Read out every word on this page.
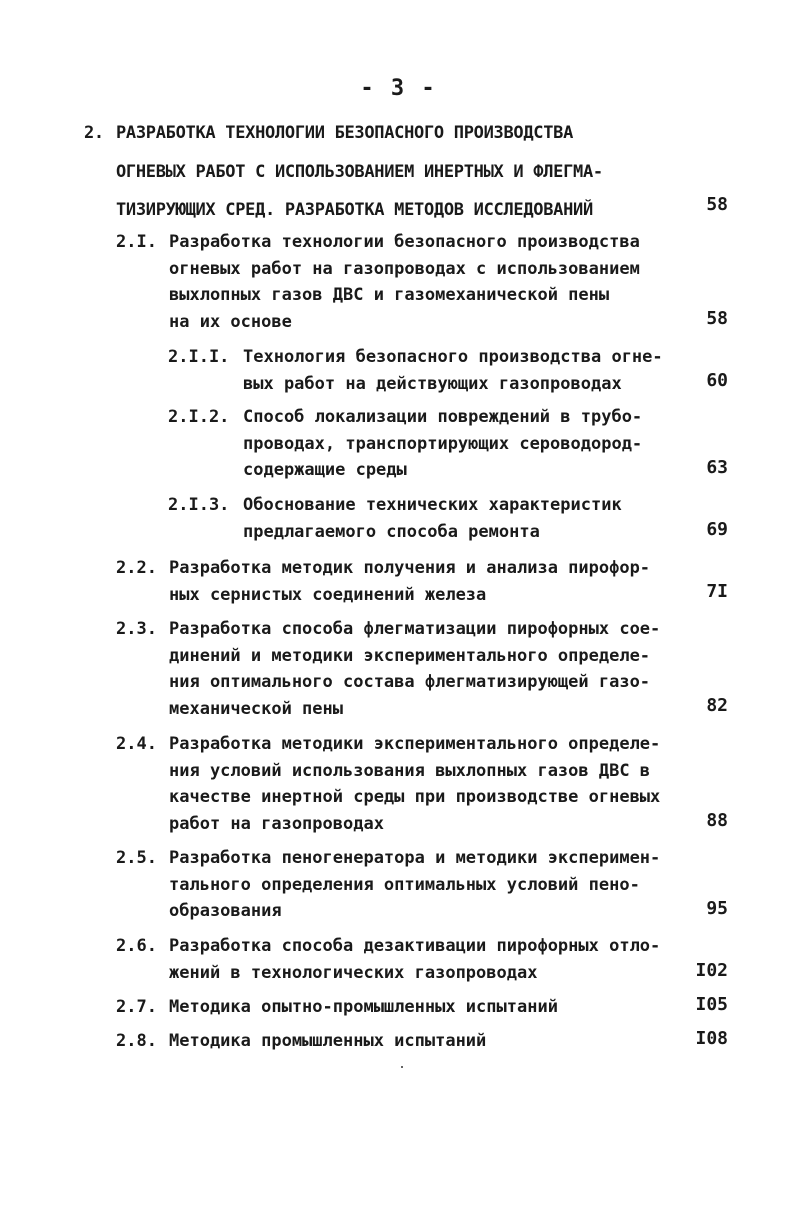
- 3 -
2. РАЗРАБОТКА ТЕХНОЛОГИИ БЕЗОПАСНОГО ПРОИЗВОДСТВА
ОГНЕВЫХ РАБОТ С ИСПОЛЬЗОВАНИЕМ ИНЕРТНЫХ И ФЛЕГМА-
ТИЗИРУЮЩИХ СРЕД. РАЗРАБОТКА МЕТОДОВ ИССЛЕДОВАНИЙ	58
2.I. Разработка технологии безопасного производства
огневых работ на газопроводах с использованием
выхлопных газов ДВС и газомеханической пены
на их основе	58
2.I.I. Технология безопасного производства огне-
вых работ на действующих газопроводах	60
2.I.2. Способ локализации повреждений в трубо-
проводах, транспортирующих сероводород-
содержащие среды	63
2.I.3. Обоснование технических характеристик
предлагаемого способа ремонта	69
2.2. Разработка методик получения и анализа пирофор-
ных сернистых соединений железа	7I
2.3. Разработка способа флегматизации пирофорных сое-
динений и методики экспериментального определе-
ния оптимального состава флегматизирующей газо-
механической пены	82
2.4. Разработка методики экспериментального определе-
ния условий использования выхлопных газов ДВС в
качестве инертной среды при производстве огневых
работ на газопроводах	88
2.5. Разработка пеногенератора и методики эксперимен-
тального определения оптимальных условий пено-
образования	95
2.6. Разработка способа дезактивации пирофорных отло-
жений в технологических газопроводах	I02
2.7. Методика опытно-промышленных испытаний	I05
2.8. Методика промышленных испытаний	I08
